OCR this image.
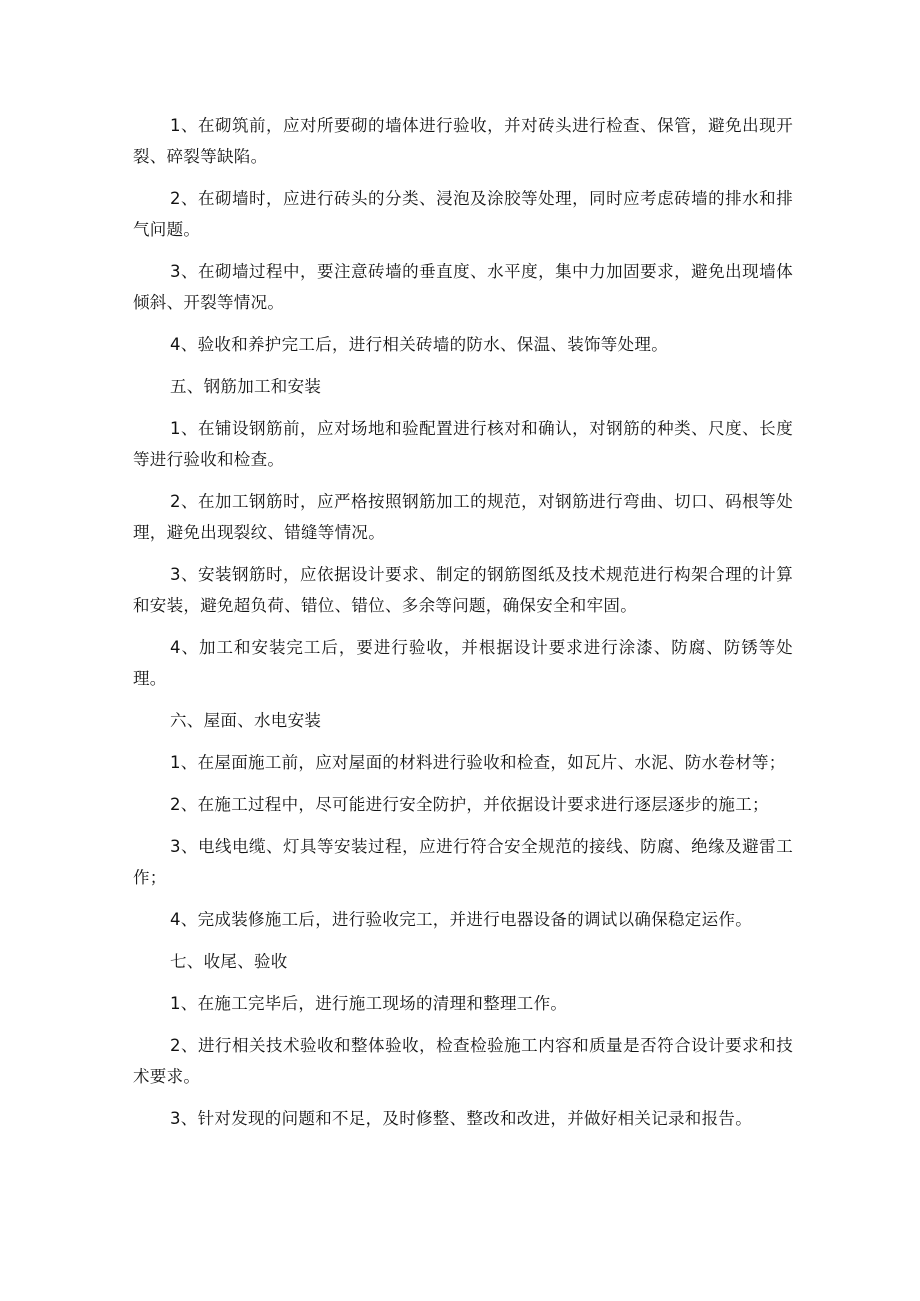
1、在砌筑前，应对所要砌的墙体进行验收，并对砖头进行检查、保管，避免出现开裂、碎裂等缺陷。

2、在砌墙时，应进行砖头的分类、浸泡及涂胶等处理，同时应考虑砖墙的排水和排气问题。

3、在砌墙过程中，要注意砖墙的垂直度、水平度，集中力加固要求，避免出现墙体倾斜、开裂等情况。

4、验收和养护完工后，进行相关砖墙的防水、保温、装饰等处理。

五、钢筋加工和安装

1、在铺设钢筋前，应对场地和验配置进行核对和确认，对钢筋的种类、尺度、长度等进行验收和检查。

2、在加工钢筋时，应严格按照钢筋加工的规范，对钢筋进行弯曲、切口、码根等处理，避免出现裂纹、错缝等情况。

3、安装钢筋时，应依据设计要求、制定的钢筋图纸及技术规范进行构架合理的计算和安装，避免超负荷、错位、错位、多余等问题，确保安全和牢固。

4、加工和安装完工后，要进行验收，并根据设计要求进行涂漆、防腐、防锈等处理。

六、屋面、水电安装

1、在屋面施工前，应对屋面的材料进行验收和检查，如瓦片、水泥、防水卷材等；

2、在施工过程中，尽可能进行安全防护，并依据设计要求进行逐层逐步的施工；

3、电线电缆、灯具等安装过程，应进行符合安全规范的接线、防腐、绝缘及避雷工作；

4、完成装修施工后，进行验收完工，并进行电器设备的调试以确保稳定运作。

七、收尾、验收

1、在施工完毕后，进行施工现场的清理和整理工作。

2、进行相关技术验收和整体验收，检查检验施工内容和质量是否符合设计要求和技术要求。

3、针对发现的问题和不足，及时修整、整改和改进，并做好相关记录和报告。
